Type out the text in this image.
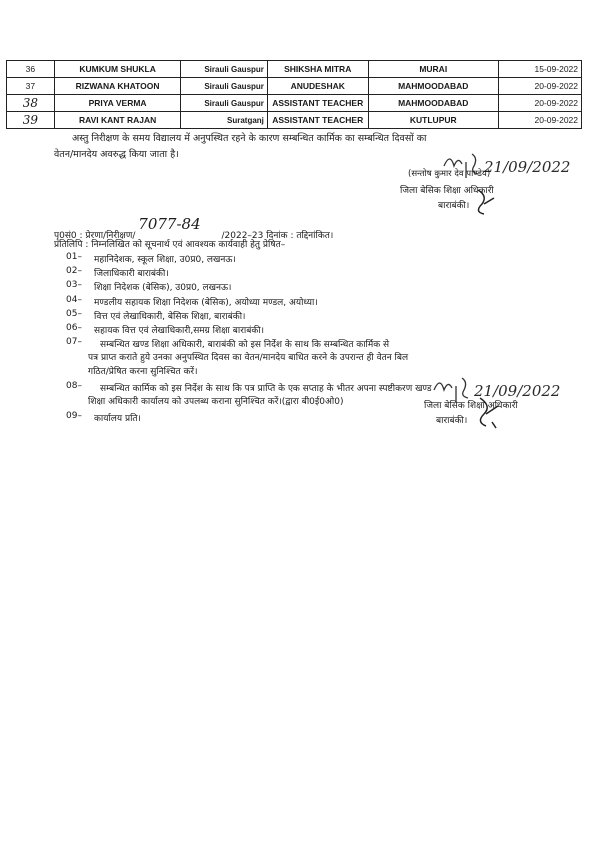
36	KUMKUM SHUKLA	Sirauli Gauspur	SHIKSHA MITRA	MURAI	15-09-2022
37	RIZWANA KHATOON	Sirauli Gauspur	ANUDESHAK	MAHMOODABAD	20-09-2022
38	PRIYA VERMA	Sirauli Gauspur	ASSISTANT TEACHER	MAHMOODABAD	20-09-2022
39	RAVI KANT RAJAN	Suratganj	ASSISTANT TEACHER	KUTLUPUR	20-09-2022
अस्तु निरीक्षण के समय विद्यालय में अनुपस्थित रहने के कारण सम्बन्धित कार्मिक का सम्बन्धित दिवसों का
वेतन/मानदेय अवरुद्ध किया जाता है।
21/09/2022
(सन्तोष कुमार देव पाण्डेय)
जिला बेसिक शिक्षा अधिकारी
बाराबंकी।
पृ0सं0 : प्रेरणा/निरीक्षण/ 7077-84 /2022–23 दिनांक : तद्दिनांकित।
प्रतिलिपि : निम्नलिखित को सूचनार्थ एवं आवश्यक कार्यवाही हेतु प्रेषित–
01– महानिदेशक, स्कूल शिक्षा, उ0प्र0, लखनऊ।
02– जिलाधिकारी बाराबंकी।
03– शिक्षा निदेशक (बेसिक), उ0प्र0, लखनऊ।
04– मण्डलीय सहायक शिक्षा निदेशक (बेसिक), अयोध्या मण्डल, अयोध्या।
05– वित्त एवं लेखाधिकारी, बेसिक शिक्षा, बाराबंकी।
06– सहायक वित्त एवं लेखाधिकारी,समग्र शिक्षा बाराबंकी।
07– सम्बन्धित खण्ड शिक्षा अधिकारी, बाराबंकी को इस निर्देश के साथ कि सम्बन्धित कार्मिक से
पत्र प्राप्त कराते हुये उनका अनुपस्थित दिवस का वेतन/मानदेय बाधित करने के उपरान्त ही वेतन बिल
गठित/प्रेषित करना सुनिश्चित करें।
08– सम्बन्धित कार्मिक को इस निर्देश के साथ कि पत्र प्राप्ति के एक सप्ताह के भीतर अपना स्पष्टीकरण खण्ड
शिक्षा अधिकारी कार्यालय को उपलब्ध कराना सुनिश्चित करें।(द्वारा बी0ई0ओ0)
09– कार्यालय प्रति।
21/09/2022
जिला बेसिक शिक्षा अधिकारी
बाराबंकी।
